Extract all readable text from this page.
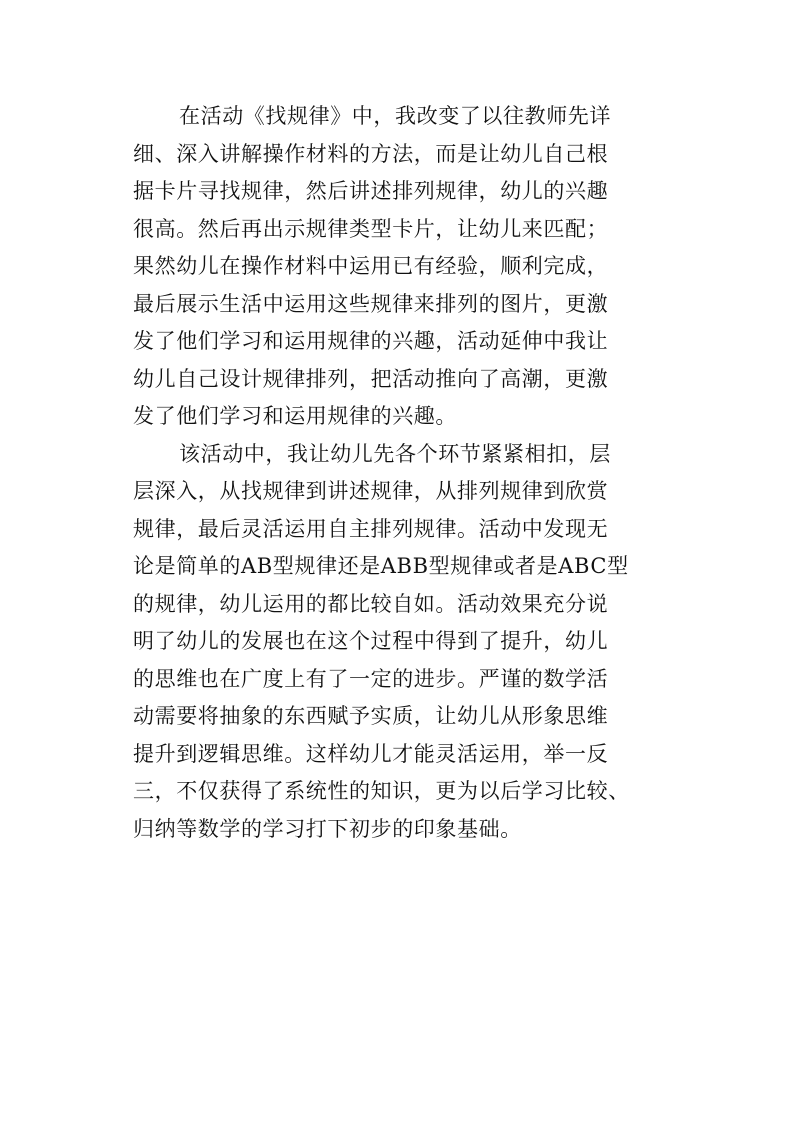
在活动《找规律》中，我改变了以往教师先详
细、深入讲解操作材料的方法，而是让幼儿自己根
据卡片寻找规律，然后讲述排列规律，幼儿的兴趣
很高。然后再出示规律类型卡片，让幼儿来匹配；
果然幼儿在操作材料中运用已有经验，顺利完成，
最后展示生活中运用这些规律来排列的图片，更激
发了他们学习和运用规律的兴趣，活动延伸中我让
幼儿自己设计规律排列，把活动推向了高潮，更激
发了他们学习和运用规律的兴趣。
该活动中，我让幼儿先各个环节紧紧相扣，层
层深入，从找规律到讲述规律，从排列规律到欣赏
规律，最后灵活运用自主排列规律。活动中发现无
论是简单的AB型规律还是ABB型规律或者是ABC型
的规律，幼儿运用的都比较自如。活动效果充分说
明了幼儿的发展也在这个过程中得到了提升，幼儿
的思维也在广度上有了一定的进步。严谨的数学活
动需要将抽象的东西赋予实质，让幼儿从形象思维
提升到逻辑思维。这样幼儿才能灵活运用，举一反
三，不仅获得了系统性的知识，更为以后学习比较、
归纳等数学的学习打下初步的印象基础。
